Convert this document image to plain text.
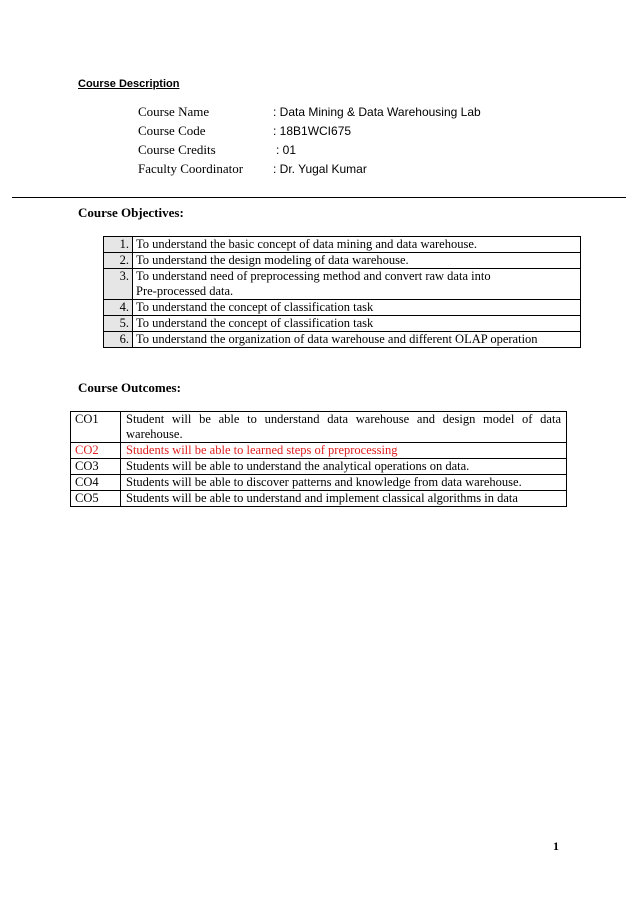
Course Description
Course Name	: Data Mining & Data Warehousing Lab
Course Code	: 18B1WCI675
Course Credits	: 01
Faculty Coordinator : Dr. Yugal Kumar
Course Objectives:
1.	To understand the basic concept of data mining and data warehouse.
2.	To understand the design modeling of data warehouse.
3.	To understand need of preprocessing method and convert raw data into
Pre-processed data.

4.	To understand the concept of classification task
5.	To understand the concept of classification task
6.	To understand the organization of data warehouse and different OLAP operation
Course Outcomes:
CO1	Student will be able to understand data warehouse and design model of data
warehouse.

CO2	Students will be able to learned steps of preprocessing
CO3	Students will be able to understand the analytical operations on data.
CO4	Students will be able to discover patterns and knowledge from data warehouse.
CO5	Students will be able to understand and implement classical algorithms in data
1
